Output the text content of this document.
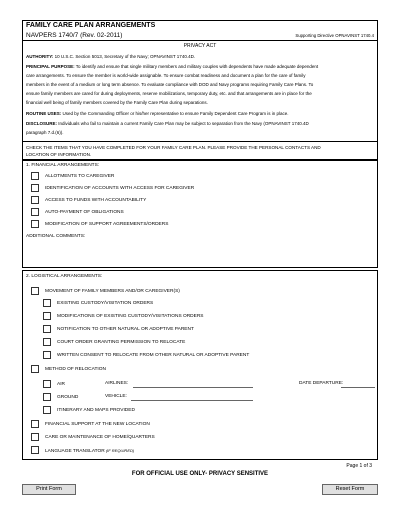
FAMILY CARE PLAN ARRANGEMENTS
NAVPERS 1740/7 (Rev. 02-2011)	Supporting Directive OPNAVINST 1740.4
PRIVACY ACT
AUTHORITY: 10 U.S.C. Section 5013, Secretary of the Navy; OPNAVINST 1740.4D.
PRINCIPAL PURPOSE: To identify and ensure that single military members and military couples with dependents have made adequate dependent
care arrangements. To ensure the member is world-wide assignable. To ensure combat readiness and document a plan for the care of family
members in the event of a medium or long term absence. To evaluate compliance with DOD and Navy programs requiring Family Care Plans. To
ensure family members are cared for during deployments, reserve mobilizations, temporary duty, etc. and that arrangements are in place for the
financial well being of family members covered by the Family Care Plan during separations.
ROUTINE USES: Used by the Commanding Officer or his/her representative to ensure Family Dependent Care Program is in place.
DISCLOSURE: Individuals who fail to maintain a current Family Care Plan may be subject to separation from the Navy (OPNAVINST 1740.4D
paragraph 7.d.(6)).
CHECK THE ITEMS THAT YOU HAVE COMPLETED FOR YOUR FAMILY CARE PLAN. PLEASE PROVIDE THE PERSONAL CONTACTS AND
LOCATION OF INFORMATION.
1. FINANCIAL ARRANGEMENTS:
ALLOTMENTS TO CAREGIVER
IDENTIFICATION OF ACCOUNTS WITH ACCESS FOR CAREGIVER
ACCESS TO FUNDS WITH ACCOUNTABILITY
AUTO-PAYMENT OF OBLIGATIONS
MODIFICATION OF SUPPORT AGREEMENTS/ORDERS
ADDITIONAL COMMENTS:
2. LOGISTICAL ARRANGEMENTS:
MOVEMENT OF FAMILY MEMBERS AND/OR CAREGIVER(S)
EXISTING CUSTODY/VISITATION ORDERS
MODIFICATIONS OF EXISTING CUSTODY/VISITATIONS ORDERS
NOTIFICATION TO OTHER NATURAL OR ADOPTIVE PARENT
COURT ORDER GRANTING PERMISSION TO RELOCATE
WRITTEN CONSENT TO RELOCATE FROM OTHER NATURAL OR ADOPTIVE PARENT
METHOD OF RELOCATION
AIR	AIRLINES:	DATE DEPARTURE:
GROUND	VEHICLE:
ITINERARY AND MAPS PROVIDED
FINANCIAL SUPPORT AT THE NEW LOCATION
CARE OR MAINTENANCE OF HOME/QUARTERS
LANGUAGE TRANSLATOR (IF REQUIRED)
Page 1 of 3
FOR OFFICIAL USE ONLY- PRIVACY SENSITIVE
Print Form	Reset Form
